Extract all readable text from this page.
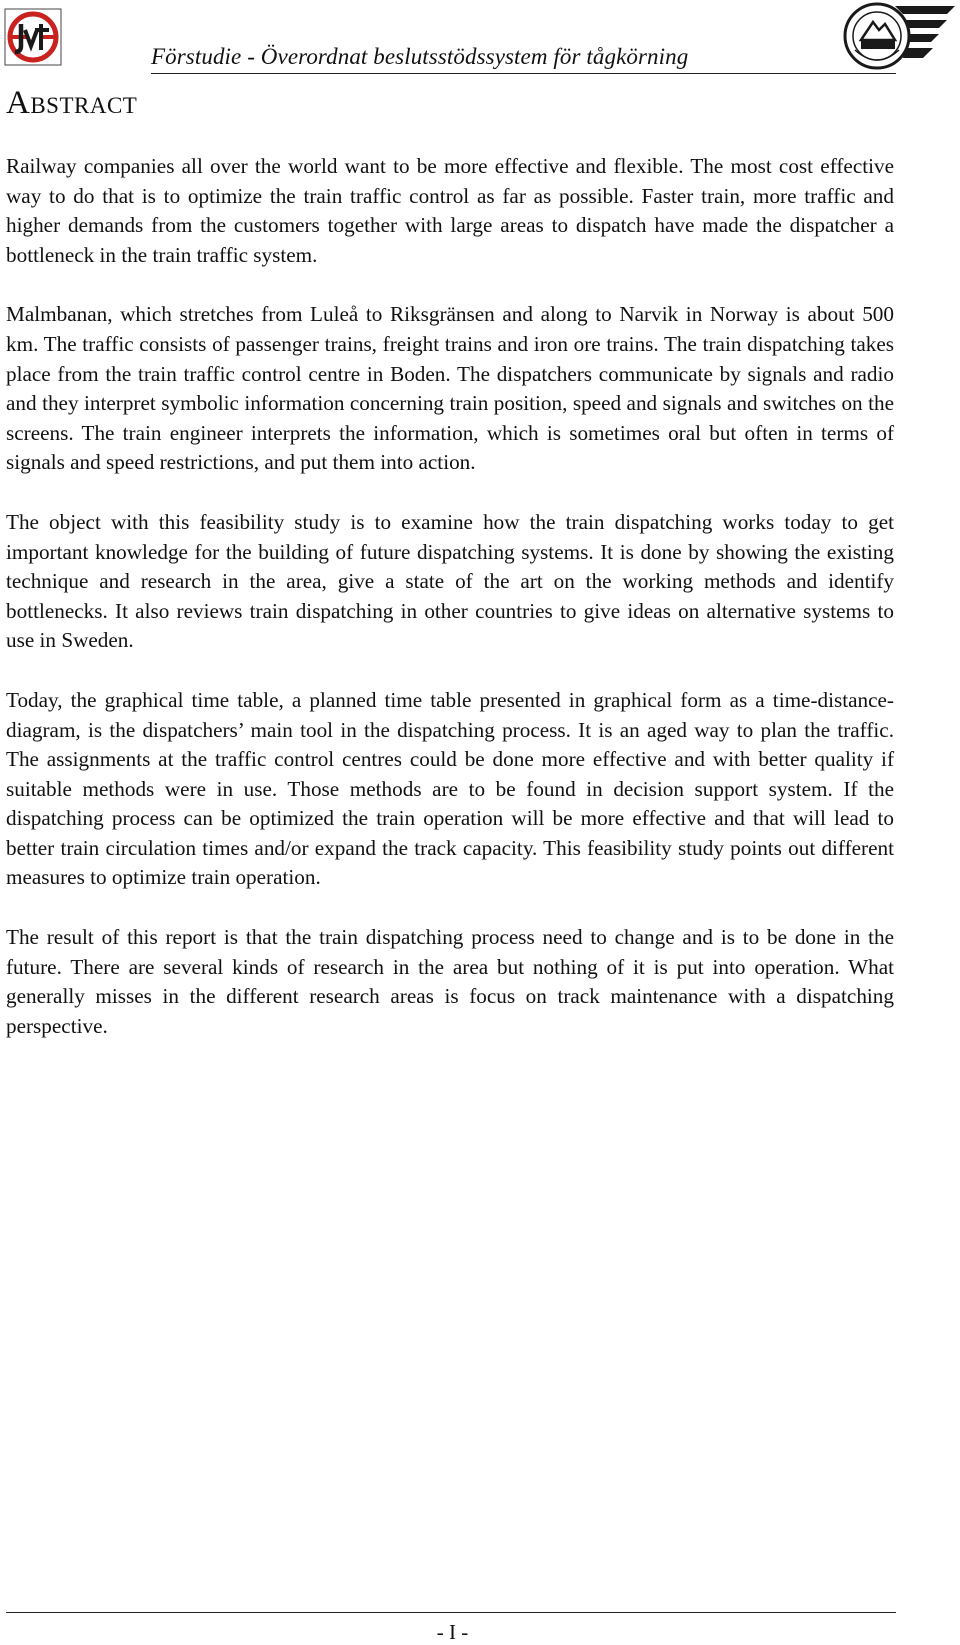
Förstudie - Överordnat beslutsstödssystem för tågkörning
Abstract

Railway companies all over the world want to be more effective and flexible. The most cost effective way to do that is to optimize the train traffic control as far as possible. Faster train, more traffic and higher demands from the customers together with large areas to dispatch have made the dispatcher a bottleneck in the train traffic system.

Malmbanan, which stretches from Luleå to Riksgränsen and along to Narvik in Norway is about 500 km. The traffic consists of passenger trains, freight trains and iron ore trains. The train dispatching takes place from the train traffic control centre in Boden. The dispatchers communicate by signals and radio and they interpret symbolic information concerning train position, speed and signals and switches on the screens. The train engineer interprets the information, which is sometimes oral but often in terms of signals and speed restrictions, and put them into action.

The object with this feasibility study is to examine how the train dispatching works today to get important knowledge for the building of future dispatching systems. It is done by showing the existing technique and research in the area, give a state of the art on the working methods and identify bottlenecks. It also reviews train dispatching in other countries to give ideas on alternative systems to use in Sweden.

Today, the graphical time table, a planned time table presented in graphical form as a time-distance-diagram, is the dispatchers’ main tool in the dispatching process. It is an aged way to plan the traffic. The assignments at the traffic control centres could be done more effective and with better quality if suitable methods were in use. Those methods are to be found in decision support system. If the dispatching process can be optimized the train operation will be more effective and that will lead to better train circulation times and/or expand the track capacity. This feasibility study points out different measures to optimize train operation.

The result of this report is that the train dispatching process need to change and is to be done in the future. There are several kinds of research in the area but nothing of it is put into operation. What generally misses in the different research areas is focus on track maintenance with a dispatching perspective.

- I -
